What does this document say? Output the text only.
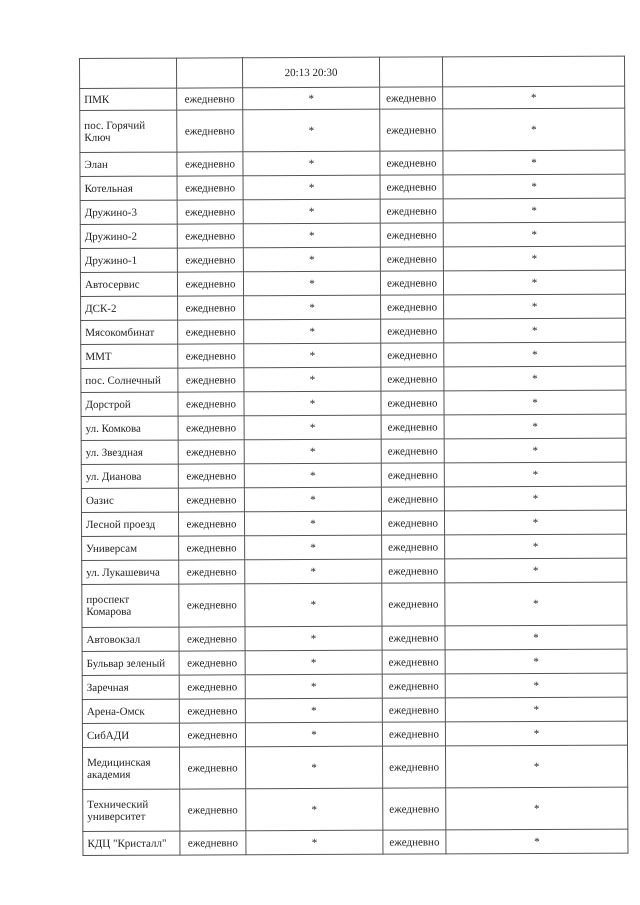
		20:13 20:30		
ПМК	ежедневно	*	ежедневно	*
пос. Горячий Ключ	ежедневно	*	ежедневно	*
Элан	ежедневно	*	ежедневно	*
Котельная	ежедневно	*	ежедневно	*
Дружино-3	ежедневно	*	ежедневно	*
Дружино-2	ежедневно	*	ежедневно	*
Дружино-1	ежедневно	*	ежедневно	*
Автосервис	ежедневно	*	ежедневно	*
ДСК-2	ежедневно	*	ежедневно	*
Мясокомбинат	ежедневно	*	ежедневно	*
ММТ	ежедневно	*	ежедневно	*
пос. Солнечный	ежедневно	*	ежедневно	*
Дорстрой	ежедневно	*	ежедневно	*
ул. Комкова	ежедневно	*	ежедневно	*
ул. Звездная	ежедневно	*	ежедневно	*
ул. Дианова	ежедневно	*	ежедневно	*
Оазис	ежедневно	*	ежедневно	*
Лесной проезд	ежедневно	*	ежедневно	*
Универсам	ежедневно	*	ежедневно	*
ул. Лукашевича	ежедневно	*	ежедневно	*
проспект Комарова	ежедневно	*	ежедневно	*
Автовокзал	ежедневно	*	ежедневно	*
Бульвар зеленый	ежедневно	*	ежедневно	*
Заречная	ежедневно	*	ежедневно	*
Арена-Омск	ежедневно	*	ежедневно	*
СибАДИ	ежедневно	*	ежедневно	*
Медицинская академия	ежедневно	*	ежедневно	*
Технический университет	ежедневно	*	ежедневно	*
КДЦ "Кристалл"	ежедневно	*	ежедневно	*
